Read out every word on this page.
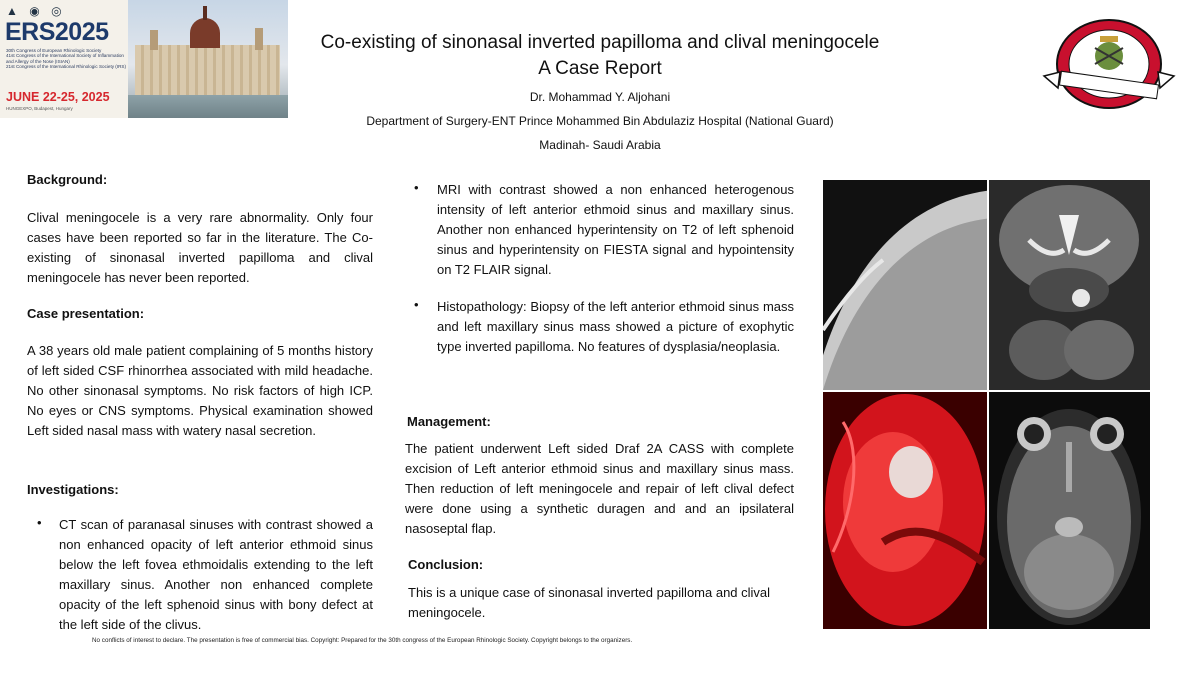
▲ ◉ ◎
ERS2025
30th Congress of European Rhinologic Society
41st Congress of the International Society of Inflammation and Allergy of the Nose (ISIAN)
21st Congress of the International Rhinologic Society (IRS)
JUNE 22-25, 2025
HUNGEXPO, Budapest, Hungary
Co-existing of sinonasal inverted papilloma and clival meningocele
A Case Report
Dr. Mohammad Y. Aljohani
Department of Surgery-ENT Prince Mohammed Bin Abdulaziz Hospital (National Guard)
Madinah- Saudi Arabia
Background:
Clival meningocele is a very rare abnormality. Only four cases have been reported so far in the literature. The Co-existing of sinonasal inverted papilloma and clival meningocele has never been reported.
Case presentation:
A 38 years old male patient complaining of 5 months history of left sided CSF rhinorrhea associated with mild headache. No other sinonasal symptoms. No risk factors of high ICP. No eyes or CNS symptoms. Physical examination showed Left sided nasal mass with watery nasal secretion.
Investigations:
• CT scan of paranasal sinuses with contrast showed a non enhanced opacity of left anterior ethmoid sinus below the left fovea ethmoidalis extending to the left maxillary sinus. Another non enhanced complete opacity of the left sphenoid sinus with bony defect at the left side of the clivus.
• MRI with contrast showed a non enhanced heterogenous intensity of left anterior ethmoid sinus and maxillary sinus. Another non enhanced hyperintensity on T2 of left sphenoid sinus and hyperintensity on FIESTA signal and hypointensity on T2 FLAIR signal.
• Histopathology: Biopsy of the left anterior ethmoid sinus mass and left maxillary sinus mass showed a picture of exophytic type inverted papilloma. No features of dysplasia/neoplasia.
Management:
The patient underwent Left sided Draf 2A CASS with complete excision of Left anterior ethmoid sinus and maxillary sinus mass. Then reduction of left meningocele and repair of left clival defect were done using a synthetic duragen and and an ipsilateral nasoseptal flap.
Conclusion:
This is a unique case of sinonasal inverted papilloma and clival meningocele.
No conflicts of interest to declare. The presentation is free of commercial bias. Copyright: Prepared for the 30th congress of the European Rhinologic Society. Copyright belongs to the organizers.
